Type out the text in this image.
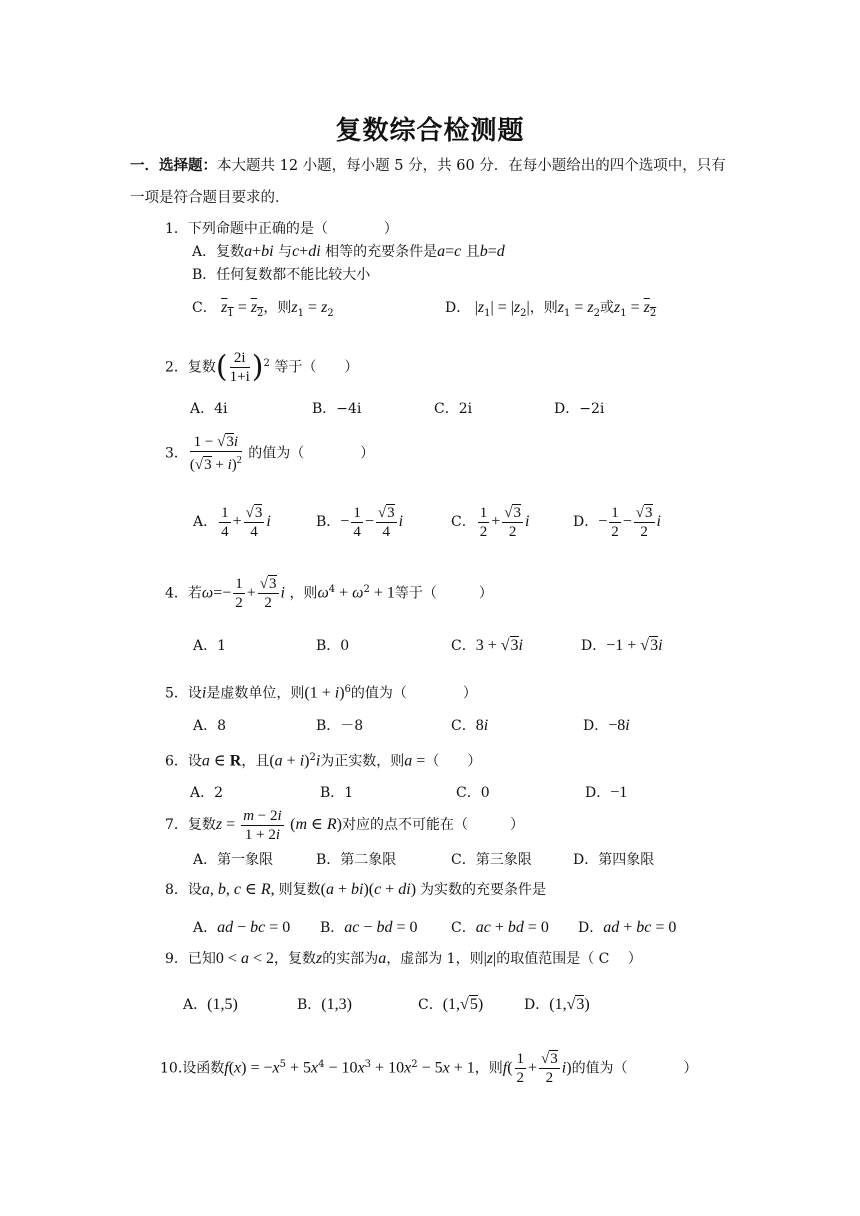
复数综合检测题
一．选择题：本大题共 12 小题，每小题 5 分，共 60 分．在每小题给出的四个选项中，只有
一项是符合题目要求的．
1．下列命题中正确的是（　　　　）
A．复数a+bi 与c+di 相等的充要条件是a=c 且b=d
B．任何复数都不能比较大小
C． $\overline{z}_1 = \overline{z}_2$，则$z_1 = z_2$	D． $|z_1| = |z_2|$，则$z_1 = z_2$或$z_1 = \overline{z}_2$
2．复数( $\frac{2i}{1+i} )^2$ 等于（　　）
A．4i	B．−4i	C．2i	D．−2i
3． $\frac{1 - √3i}{(√3 + i)^2}$ 的值为（　　　　）
A． $\frac{1}{4} + \frac{√3}{4}$ i	B．− $\frac{1}{4} - \frac{√3}{4}$ i	C． $\frac{1}{2} + \frac{√3}{2}$ i	D．− $\frac{1}{2} - \frac{√3}{2}$ i
4．若$\omega=- \frac{1}{2} + \frac{√3}{2}$ i ，则$\omega^4 + \omega^2 + 1$等于（　　　）
A．1	B．0	C．3 + √3i	D．−1 + √3i
5．设i是虚数单位，则$(1 + i)^6$的值为（　　　　）
A．8	B．－8	C．8i	D．−8i
6．设a ∈ R，且$(a + i)^2i$为正实数，则a =（　　）
A．2	B．1	C．0	D．−1
7．复数$z = \frac{m - 2i}{1 + 2i} (m$ ∈ R)对应的点不可能在（　　　）
A．第一象限	B．第二象限	C．第三象限	D．第四象限
8．设a, b, c ∈ R, 则复数(a + bi)(c + di) 为实数的充要条件是
A．ad − bc = 0 B．ac − bd = 0 C．ac + bd = 0 D．ad + bc = 0
9．已知0 < a < 2，复数z的实部为a，虚部为 1，则|z|的取值范围是（ C　 ）
A．(1,5)	B．(1,3)	C．(1,√5)	D．(1,√3)
10.设函数$f(x) = -x^5 + 5x^4 - 10x^3 + 10x^2 - 5x + 1$，则$f( \frac{1}{2} + \frac{√3}{2} i)$的值为（　　　　）
